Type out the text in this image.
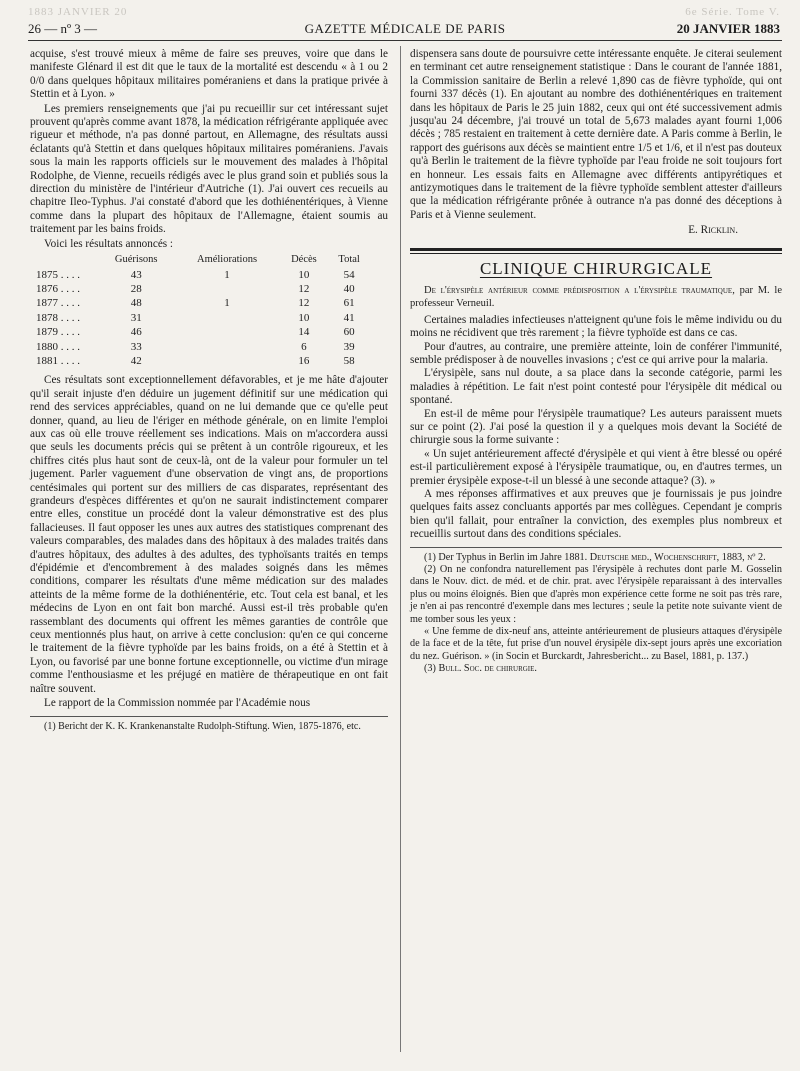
1883 JANVIER 20	6e Série. Tome V.
26 — nº 3 —	GAZETTE MÉDICALE DE PARIS	20 JANVIER 1883

acquise, s'est trouvé mieux à même de faire ses preuves, voire que dans le manifeste Glénard il est dit que le taux de la mortalité est descendu « à 1 ou 2 0/0 dans quelques hôpitaux militaires poméraniens et dans la pratique privée à Stettin et à Lyon. »

Les premiers renseignements que j'ai pu recueillir sur cet intéressant sujet prouvent qu'après comme avant 1878, la médication réfrigérante appliquée avec rigueur et méthode, n'a pas donné partout, en Allemagne, des résultats aussi éclatants qu'à Stettin et dans quelques hôpitaux militaires poméraniens. J'avais sous la main les rapports officiels sur le mouvement des malades à l'hôpital Rodolphe, de Vienne, recueils rédigés avec le plus grand soin et publiés sous la direction du ministère de l'intérieur d'Autriche (1). J'ai ouvert ces recueils au chapitre Ileo-Typhus. J'ai constaté d'abord que les dothiénentériques, à Vienne comme dans la plupart des hôpitaux de l'Allemagne, étaient soumis au traitement par les bains froids.

Voici les résultats annoncés :

	Guérisons	Améliorations	Décès	Total
1875 . . . .	43	1	10	54
1876 . . . .	28		12	40
1877 . . . .	48	1	12	61
1878 . . . .	31		10	41
1879 . . . .	46		14	60
1880 . . . .	33		6	39
1881 . . . .	42		16	58

Ces résultats sont exceptionnellement défavorables, et je me hâte d'ajouter qu'il serait injuste d'en déduire un jugement définitif sur une médication qui rend des services appréciables, quand on ne lui demande que ce qu'elle peut donner, quand, au lieu de l'ériger en méthode générale, on en limite l'emploi aux cas où elle trouve réellement ses indications. Mais on m'accordera aussi que seuls les documents précis qui se prêtent à un contrôle rigoureux, et les chiffres cités plus haut sont de ceux-là, ont de la valeur pour formuler un tel jugement. Parler vaguement d'une observation de vingt ans, de proportions centésimales qui portent sur des milliers de cas disparates, représentant des grandeurs d'espèces différentes et qu'on ne saurait indistinctement comparer entre elles, constitue un procédé dont la valeur démonstrative est des plus fallacieuses. Il faut opposer les unes aux autres des statistiques comprenant des valeurs comparables, des malades dans des hôpitaux à des malades traités dans d'autres hôpitaux, des adultes à des adultes, des typhoïsants traités en temps d'épidémie et d'encombrement à des malades soignés dans les mêmes conditions, comparer les résultats d'une même médication sur des malades atteints de la même forme de la dothiénentérie, etc. Tout cela est banal, et les médecins de Lyon en ont fait bon marché. Aussi est-il très probable qu'en rassemblant des documents qui offrent les mêmes garanties de contrôle que ceux mentionnés plus haut, on arrive à cette conclusion: qu'en ce qui concerne le traitement de la fièvre typhoïde par les bains froids, on a été à Stettin et à Lyon, ou favorisé par une bonne fortune exceptionnelle, ou victime d'un mirage comme l'enthousiasme et les préjugé en matière de thérapeutique en ont fait naître souvent.

Le rapport de la Commission nommée par l'Académie nous

(1) Bericht der K. K. Krankenanstalte Rudolph-Stiftung. Wien, 1875-1876, etc.

dispensera sans doute de poursuivre cette intéressante enquête. Je citerai seulement en terminant cet autre renseignement statistique : Dans le courant de l'année 1881, la Commission sanitaire de Berlin a relevé 1,890 cas de fièvre typhoïde, qui ont fourni 337 décès (1). En ajoutant au nombre des dothiénentériques en traitement dans les hôpitaux de Paris le 25 juin 1882, ceux qui ont été successivement admis jusqu'au 24 décembre, j'ai trouvé un total de 5,673 malades ayant fourni 1,006 décès ; 785 restaient en traitement à cette dernière date. A Paris comme à Berlin, le rapport des guérisons aux décès se maintient entre 1/5 et 1/6, et il n'est pas douteux qu'à Berlin le traitement de la fièvre typhoïde par l'eau froide ne soit toujours fort en honneur. Les essais faits en Allemagne avec différents antipyrétiques et antizymotiques dans le traitement de la fièvre typhoïde semblent attester d'ailleurs que la médication réfrigérante prônée à outrance n'a pas donné des déceptions à Paris et à Vienne seulement.

E. Ricklin.
CLINIQUE CHIRURGICALE

De l'érysipèle antérieur comme prédisposition a l'érysipèle traumatique, par M. le professeur Verneuil.

Certaines maladies infectieuses n'atteignent qu'une fois le même individu ou du moins ne récidivent que très rarement ; la fièvre typhoïde est dans ce cas.

Pour d'autres, au contraire, une première atteinte, loin de conférer l'immunité, semble prédisposer à de nouvelles invasions ; c'est ce qui arrive pour la malaria.

L'érysipèle, sans nul doute, a sa place dans la seconde catégorie, parmi les maladies à répétition. Le fait n'est point contesté pour l'érysipèle dit médical ou spontané.

En est-il de même pour l'érysipèle traumatique? Les auteurs paraissent muets sur ce point (2). J'ai posé la question il y a quelques mois devant la Société de chirurgie sous la forme suivante :

« Un sujet antérieurement affecté d'érysipèle et qui vient à être blessé ou opéré est-il particulièrement exposé à l'érysipèle traumatique, ou, en d'autres termes, un premier érysipèle expose-t-il un blessé à une seconde attaque? (3). »

A mes réponses affirmatives et aux preuves que je fournissais je pus joindre quelques faits assez concluants apportés par mes collègues. Cependant je compris bien qu'il fallait, pour entraîner la conviction, des exemples plus nombreux et recueillis surtout dans des conditions spéciales.

(1) Der Typhus in Berlin im Jahre 1881. Deutsche med., Wochenschrift, 1883, nº 2.

(2) On ne confondra naturellement pas l'érysipèle à rechutes dont parle M. Gosselin dans le Nouv. dict. de méd. et de chir. prat. avec l'érysipèle reparaissant à des intervalles plus ou moins éloignés. Bien que d'après mon expérience cette forme ne soit pas très rare, je n'en ai pas rencontré d'exemple dans mes lectures ; seule la petite note suivante vient de me tomber sous les yeux :

« Une femme de dix-neuf ans, atteinte antérieurement de plusieurs attaques d'érysipèle de la face et de la tête, fut prise d'un nouvel érysipèle dix-sept jours après une excoriation du nez. Guérison. » (in Socin et Burckardt, Jahresbericht... zu Basel, 1881, p. 137.)

(3) Bull. Soc. de chirurgie.
